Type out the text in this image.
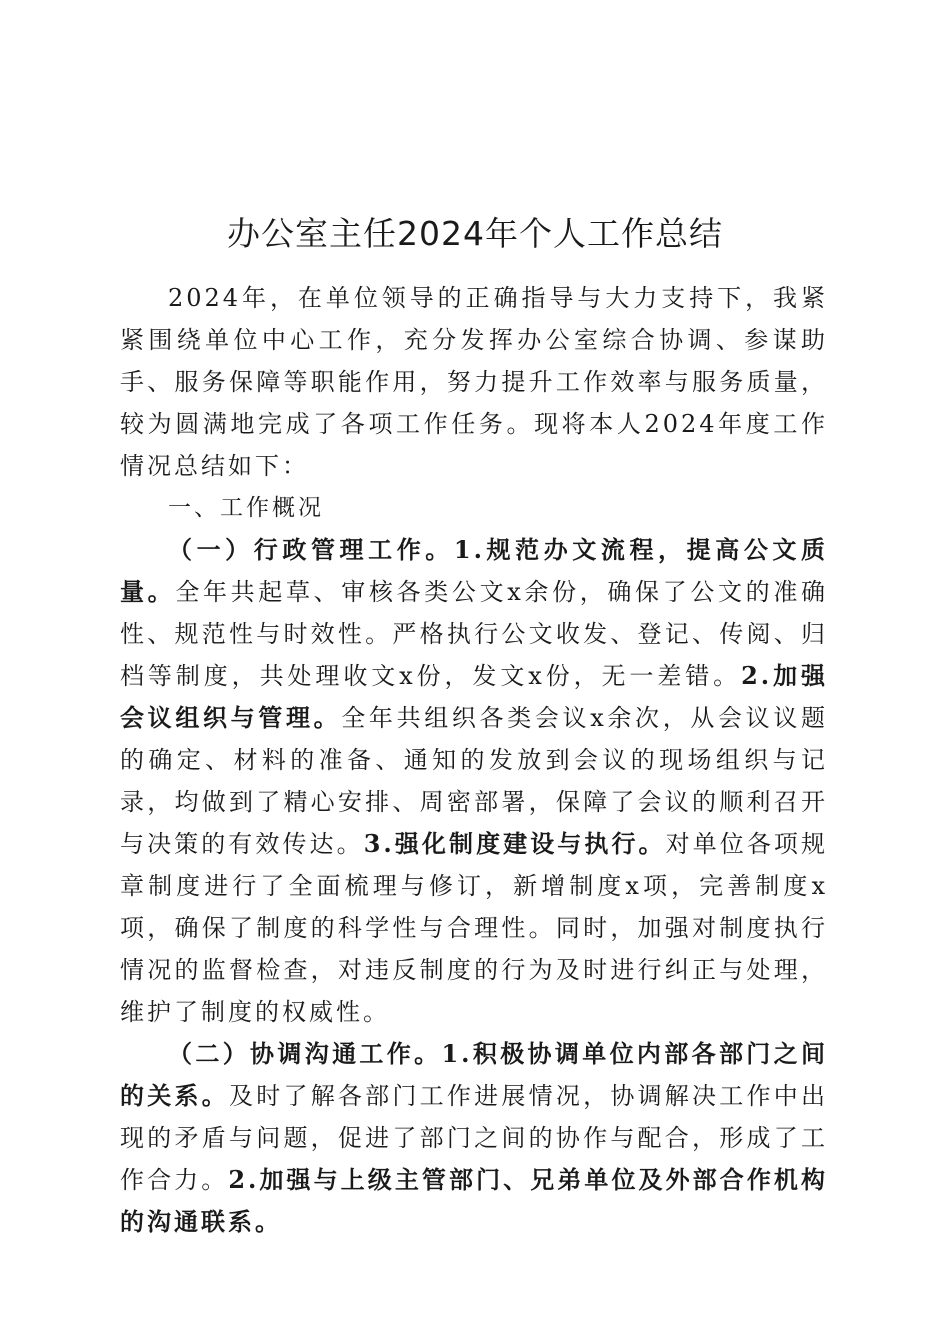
办公室主任2024年个人工作总结

2024年，在单位领导的正确指导与大力支持下，我紧紧围绕单位中心工作，充分发挥办公室综合协调、参谋助手、服务保障等职能作用，努力提升工作效率与服务质量，较为圆满地完成了各项工作任务。现将本人2024年度工作情况总结如下：

一、工作概况

（一）行政管理工作。1.规范办文流程，提高公文质量。全年共起草、审核各类公文x余份，确保了公文的准确性、规范性与时效性。严格执行公文收发、登记、传阅、归档等制度，共处理收文x份，发文x份，无一差错。2.加强会议组织与管理。全年共组织各类会议x余次，从会议议题的确定、材料的准备、通知的发放到会议的现场组织与记录，均做到了精心安排、周密部署，保障了会议的顺利召开与决策的有效传达。3.强化制度建设与执行。对单位各项规章制度进行了全面梳理与修订，新增制度x项，完善制度x项，确保了制度的科学性与合理性。同时，加强对制度执行情况的监督检查，对违反制度的行为及时进行纠正与处理，维护了制度的权威性。

（二）协调沟通工作。1.积极协调单位内部各部门之间的关系。及时了解各部门工作进展情况，协调解决工作中出现的矛盾与问题，促进了部门之间的协作与配合，形成了工作合力。2.加强与上级主管部门、兄弟单位及外部合作机构的沟通联系。
